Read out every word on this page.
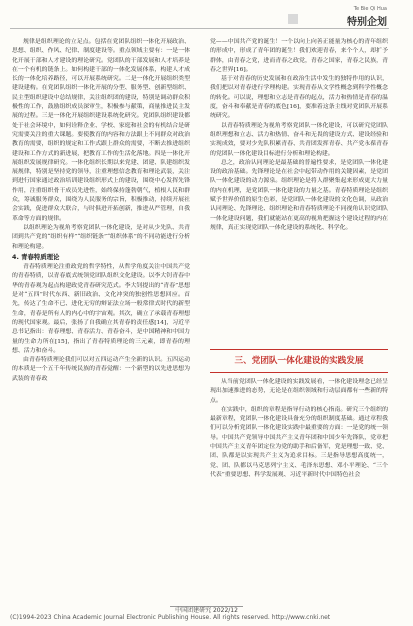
Te Bie Qi Hua
特别企划

规律是组织理论的立足点。包括在党团队组织一体化开展政治、思想、组织、作风、纪律、制度建设等。重点领域主要有：一是一体化开展干部和人才建设的理论研究。党团队的干部发展和人才培养是在一个有机的链条上。如何构建干部的一体化发展体系，构建人才成长的一体化培养路径，可以开展系统研究。二是一体化开展组织类型建设建构。在党团队组织一体化开展的分型、服务型、创新型组织、民主型组织建设中总结规律，关注组织团的建设，特别是调动群众积极性的工作，鼓励组织成员深审生，积极参与献策，商量推进民主发展的过程。三是一体化开展组织建设系统化研究。党团队组织建设都处于社会环境中，如何诠释企业、学校、家庭和社会的有机结合是研究需要关注的重大课题。要使教育的内容和方法跟上不同群众对政治教育的需要，组织的规定和工作式跟上群众的需要，不断去推进组织建设和工作方式的新进展，把教育工作的生活化落地。四是一体化开展组织发展规律研究。一体化组织长期以来党建、团建、队建组织发展规律，特别是坚持党的领导，注重理想信念教育和理论武装，关注到进行国家通过政治培训建设组织形式上的建设，围绕中心发挥先锋作用，注重组织骨干成员先进性，始终保持蓬勃朝气，植根人民和群众，筹诚服务群众，围绕为人民服务的宗旨，积极推动，持续开展社会实践，促进群众大联合，与时俱进开拓创新，推进从严管理，自我革命等方面的规律。

以组织理论为视角考察党团队一体化建设，是对从少先队、共青团到共产党的“组织有样”“组织链条”“组织体系”的不同功能进行分析和理论构建。

4. 青春特质理论

青春特质理论注重政党的哲学特性，从哲学角度关注中国共产党的青春特质，以青春底式统领党团队组织文化建设。以李大钊青春中华的青春观为起点构建政党青春研究范式。李大钊提出的“青春”思想是对“五四”时代东西、新旧政治、文化冲突的独创性思想回应。首先，传达了生命不已、进化无穷的辩证法立场一般常律式时代的新型生命，青春是所有人的内心中的宇宙观。其次，确立了承载青春理想的现代国家观。最后，张扬了自我确立其青春的责任感[14]，习近平总书记指出：青春理想、青春活力、青春奋斗，是中国精神和中国力量的生命力所在[15]，指出了青春特质理论的三元素，即青春的理想、活力和奋斗。

由青春特质理论我们可以对五四运动产生全新的认识。五四运动的本质是一个五千年传统民族的青春觉醒：一个新型的以先进思想为武装的青春政

党——中国共产党的诞生！一个以向上向善正能量为核心的青年组织的形成中，形成了青年团的诞生！我们欢迎青春，来个个人，却扩予群体，由青春之党，进而青春之政党，青春之国家，青春之民族，青春之世界[16]。

基于对青春的历史发展和在政治生活中发生的独特作用的认识，我们把以对青春进行学理构建。实现青春从文学性概念到科学性概念的转化。可以说，理想和立志是青春的起点，活力和热情是青春的温度，奋斗和奉献是青春的底色[16]，要准着这条主线对党团队开展系统研究。

以青春特质理论为视角考察党团队一体化建设，可以研究党团队组织理想和立志、活力和热情、奋斗和无畏的建设方式、建设经验和实现成效，要对少先队积累青春、共青团发挥青春、共产党永葆青春的党团队一体化建设目标进行分析和理论构建。

总之，政治认同理论是最基础的普遍性要求，是党团队一体化建设的政治基础。先锋理论是在社会中起带动作用的关键因素，是党团队一体化建设的动力源泉。组织理论是将人群聚集起来形成更大力量的内在机理，是党团队一体化建设的力量之基。青春特质理论是组织赋予世界价值的原生色彩，是党团队一体化建设的文化色调，从政治认同理论、先锋理论、组织理论和青春特质理论不同视角认识党团队一体化建设问题，我们就能站在更高的视角把握这个建设过程的内在规律，真正实现党团队一体化建设的系统化、科学化。

三、党团队一体化建设的实践发展

从当前党团队一体化建设的实践发展看，一体化建设理念已经呈现出加速推进的态势，无论是在组织领域和行动层面都有一些新的特点。

在实践中，组织的章程是指导行动的核心指南。研究三个组织的最新章程，党团队一体化建设具备充分的组织制度基础。通过章程我们可以分析党团队一体化建设实践中最重要的方面：一是党的统一领导。中国共产党领导中国共产主义青年团和中国少年先锋队，党章把中国共产主义青年团定位为党的助手和后备军，党是理想一致、党、团、队都是以实现共产主义为追求目标。三是指导思想高度统一，党、团、队都以马克思列宁主义、毛泽东思想、邓小平理论、“三个代表”重要思想、科学发展观、习近平新时代中国特色社会

中国团建研究 2022/12
(C)1994-2023 China Academic Journal Electronic Publishing House. All rights reserved. http://www.cnki.net
